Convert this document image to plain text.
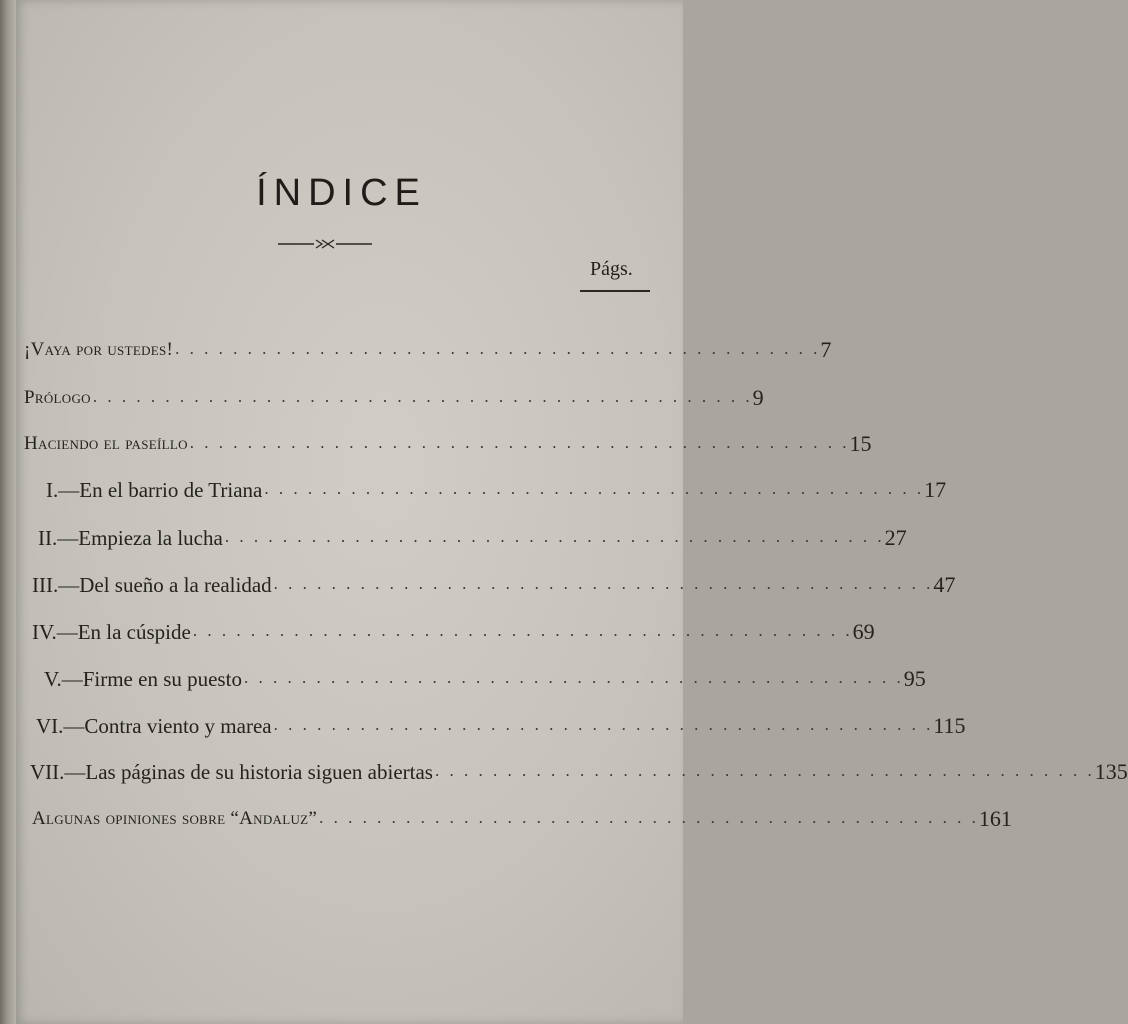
ÍNDICE
Págs.
¡Vaya por ustedes! . . . . . . . . . . . . . . . . . . . . . . . . . . . . . . . . . . . . . . . . . . . . . 7
Prólogo . . . . . . . . . . . . . . . . . . . . . . . . . . . . . . . . . . . . . . . . . . . . . . 9
Haciendo el paseíllo . . . . . . . . . . . . . . . . . . . . . . . . . . . . . . . . . . . . . . . . . . . . . . 15
I.—En el barrio de Triana . . . . . . . . . . . . . . . . . . . . . . . . . . . . . . . . . . . . . . . . . . . . . . 17
II.—Empieza la lucha . . . . . . . . . . . . . . . . . . . . . . . . . . . . . . . . . . . . . . . . . . . . . . 27
III.—Del sueño a la realidad . . . . . . . . . . . . . . . . . . . . . . . . . . . . . . . . . . . . . . . . . . . . . . 47
IV.—En la cúspide . . . . . . . . . . . . . . . . . . . . . . . . . . . . . . . . . . . . . . . . . . . . . . 69
V.—Firme en su puesto . . . . . . . . . . . . . . . . . . . . . . . . . . . . . . . . . . . . . . . . . . . . . . 95
VI.—Contra viento y marea . . . . . . . . . . . . . . . . . . . . . . . . . . . . . . . . . . . . . . . . . . . . . . 115
VII.—Las páginas de su historia siguen abiertas . . . . . . . . . . . . . . . . . . . . . . . . . . . . . . . . . . . . . . . . . . . . . . 135
Algunas opiniones sobre “Andaluz” . . . . . . . . . . . . . . . . . . . . . . . . . . . . . . . . . . . . . . . . . . . . . . 161
